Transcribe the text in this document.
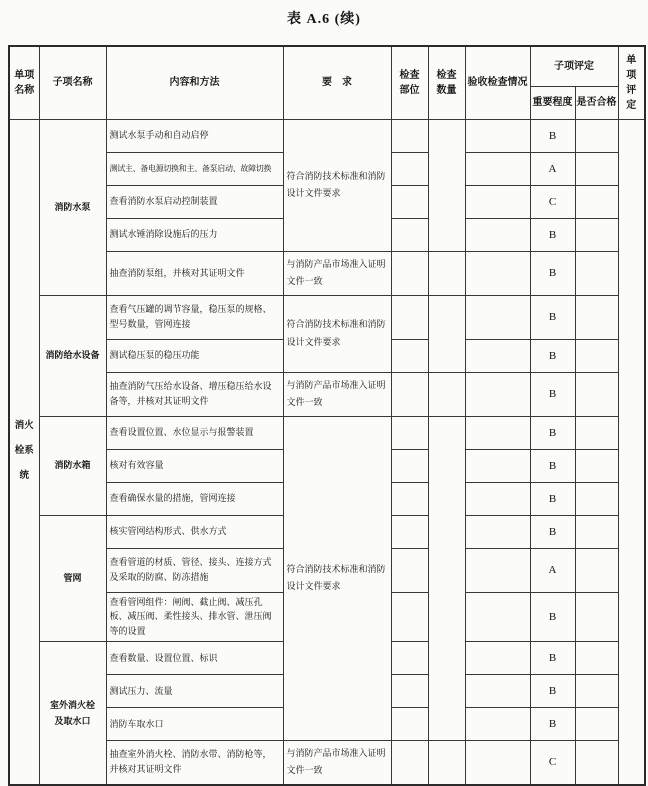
表 A.6 (续)
单项名称	子项名称	内容和方法	要　求	检查部位	检查数量	验收检查情况	子项评定		单项评定
							重要程度	是否合格	
消火栓系统	消防水泵	测试水泵手动和自动启停	符合消防技术标准和消防设计文件要求				B		
		测试主、备电源切换和主、备泵启动、故障切换					A		
		查看消防水泵启动控制装置					C		
		测试水锤消除设施后的压力					B		
		抽查消防泵组，并核对其证明文件	与消防产品市场准入证明文件一致				B		
	消防给水设备	查看气压罐的调节容量，稳压泵的规格、型号数量，管网连接	符合消防技术标准和消防设计文件要求				B		
		测试稳压泵的稳压功能					B		
		抽查消防气压给水设备、增压稳压给水设备等，并核对其证明文件	与消防产品市场准入证明文件一致				B		
	消防水箱	查看设置位置、水位显示与报警装置	符合消防技术标准和消防设计文件要求				B		
		核对有效容量					B		
		查看确保水量的措施，管网连接					B		
	管网	核实管网结构形式、供水方式					B		
		查看管道的材质、管径、接头、连接方式及采取的防腐、防冻措施					A		
		查看管网组件：闸阀、截止阀、减压孔板、减压阀、柔性接头、排水管、泄压阀等的设置					B		
	室外消火栓及取水口	查看数量、设置位置、标识					B		
		测试压力、流量					B		
		消防车取水口					B		
		抽查室外消火栓、消防水带、消防枪等，并核对其证明文件	与消防产品市场准入证明文件一致				C		
